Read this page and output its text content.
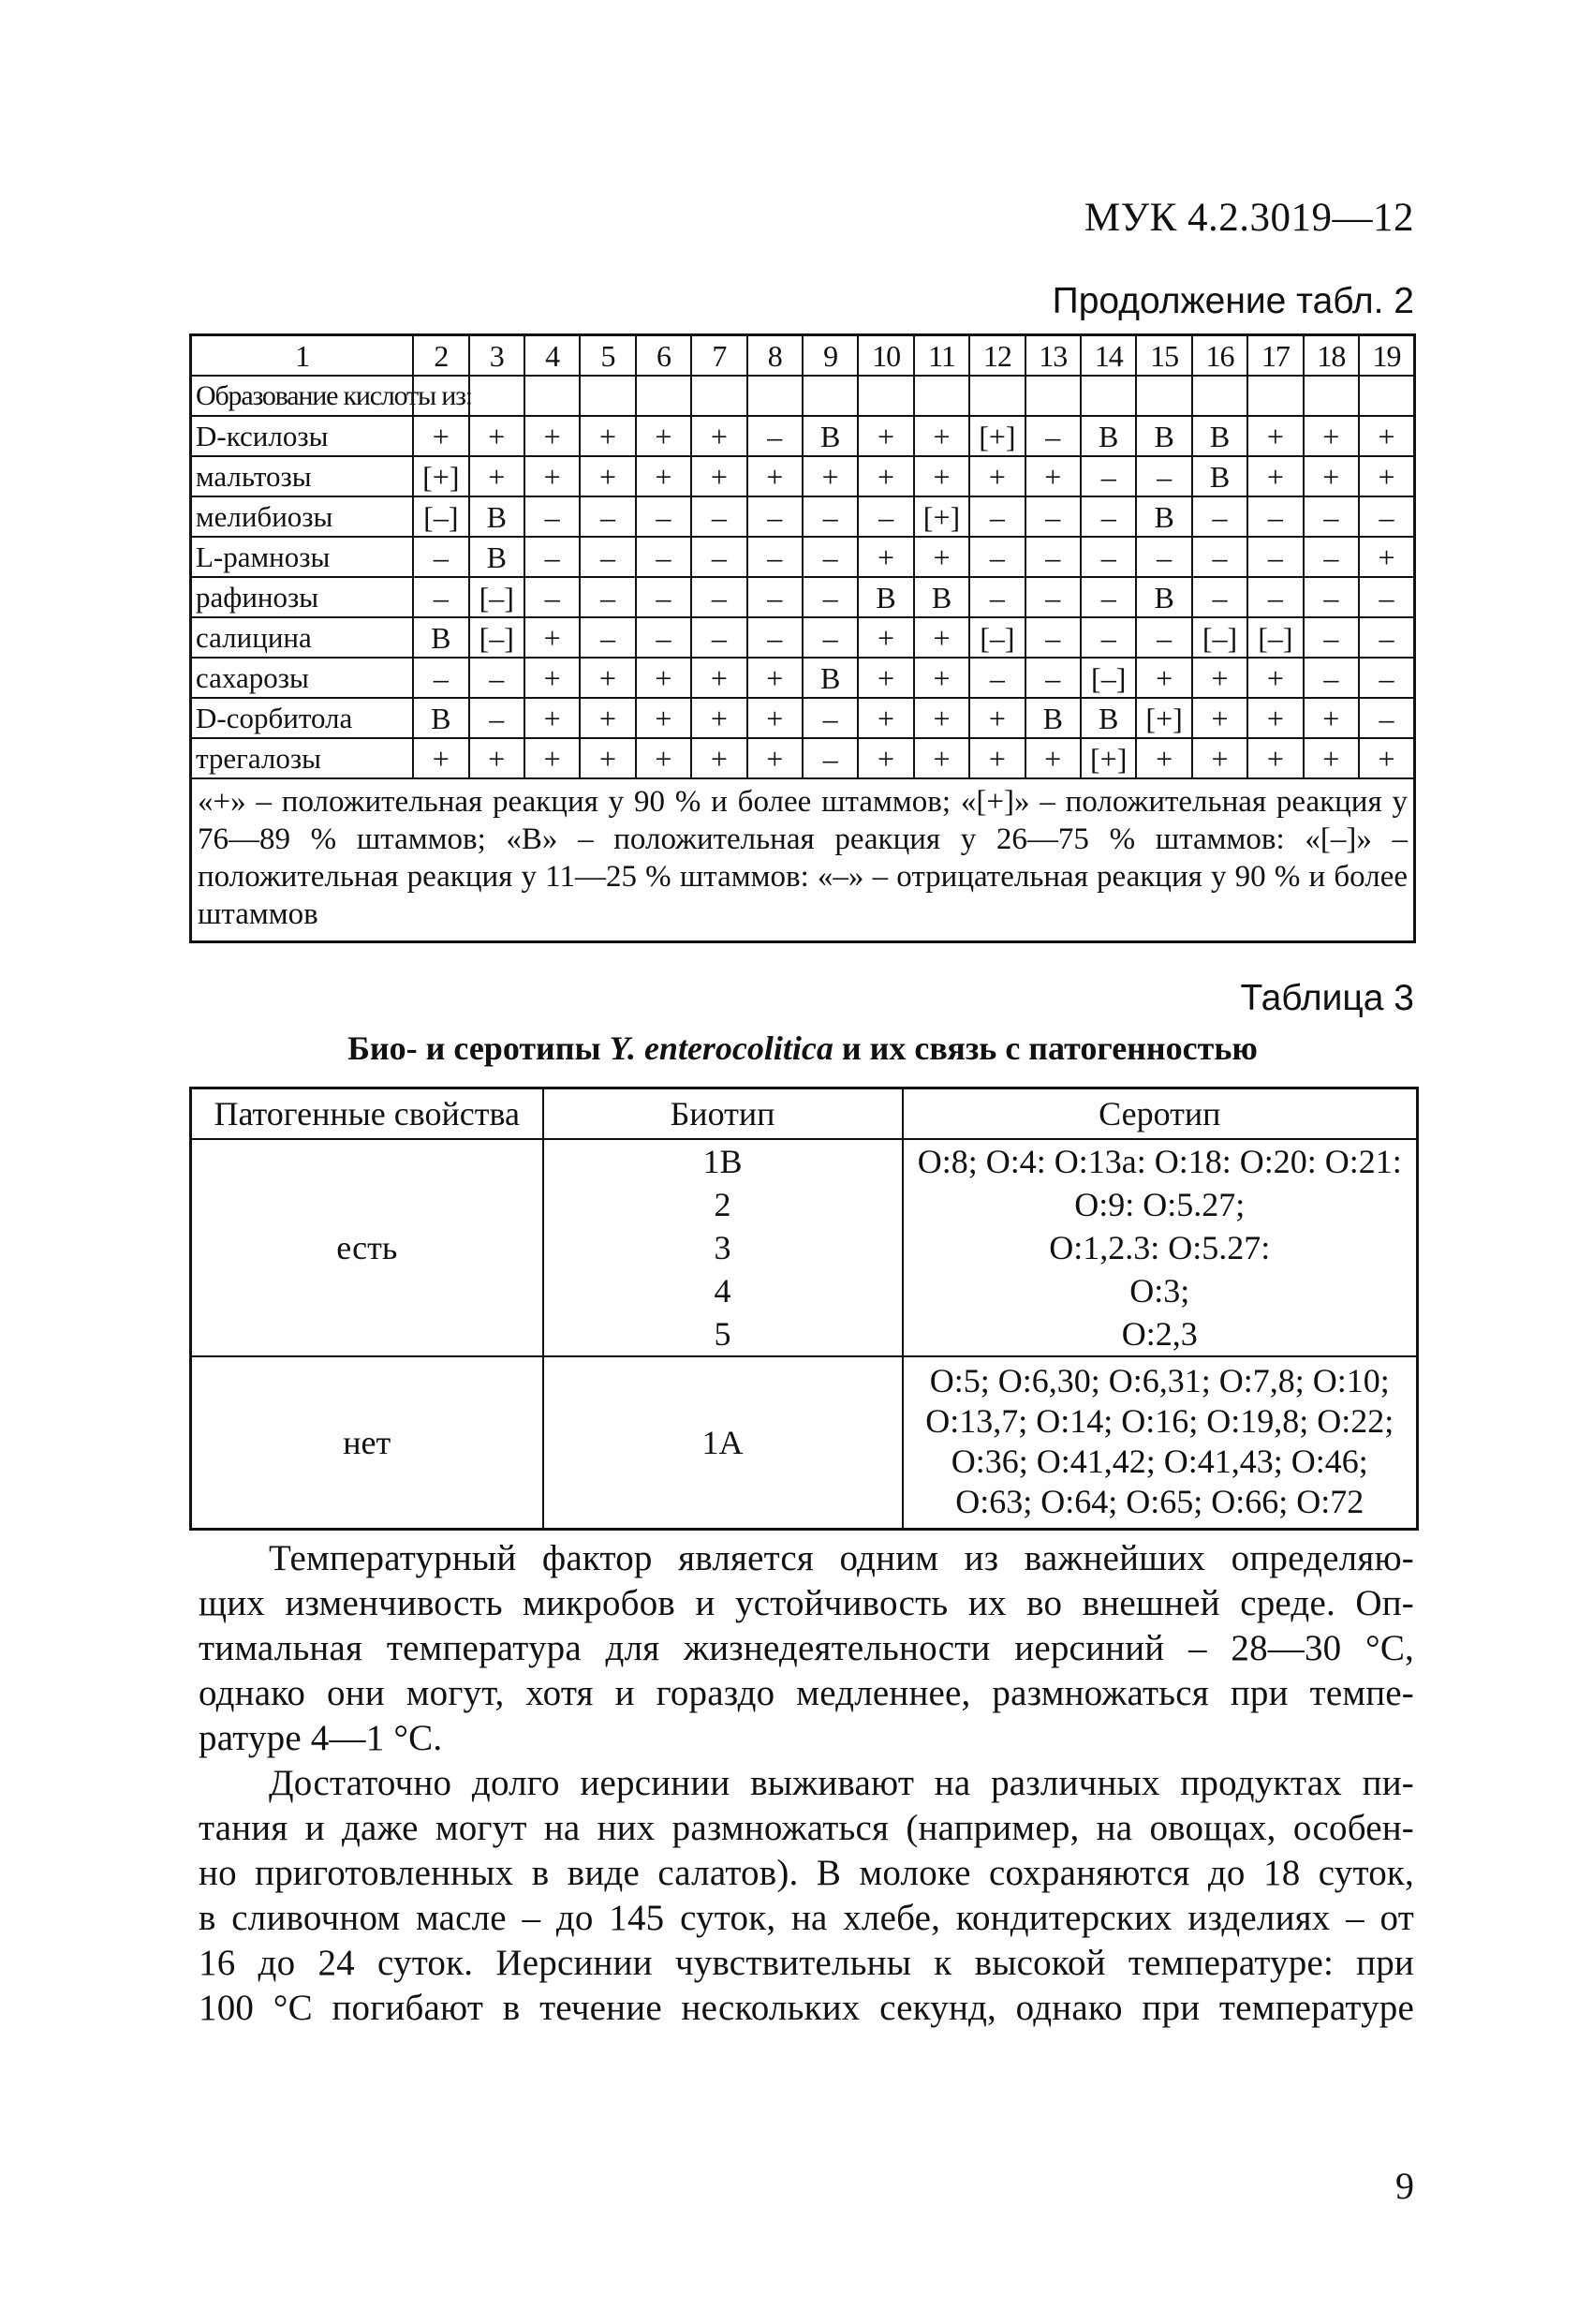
МУК 4.2.3019—12
Продолжение табл. 2
1	2	3	4	5	6	7	8	9	10	11	12	13	14	15	16	17	18	19
Образование кислоты из:																		
D-ксилозы	+	+	+	+	+	+	–	В	+	+	[+]	–	В	В	В	+	+	+
мальтозы	[+]	+	+	+	+	+	+	+	+	+	+	+	–	–	В	+	+	+
мелибиозы	[–]	В	–	–	–	–	–	–	–	[+]	–	–	–	В	–	–	–	–
L-рамнозы	–	В	–	–	–	–	–	–	+	+	–	–	–	–	–	–	–	+
рафинозы	–	[–]	–	–	–	–	–	–	В	В	–	–	–	В	–	–	–	–
салицина	В	[–]	+	–	–	–	–	–	+	+	[–]	–	–	–	[–]	[–]	–	–
сахарозы	–	–	+	+	+	+	+	В	+	+	–	–	[–]	+	+	+	–	–
D-сорбитола	В	–	+	+	+	+	+	–	+	+	+	В	В	[+]	+	+	+	–
трегалозы	+	+	+	+	+	+	+	–	+	+	+	+	[+]	+	+	+	+	+
«+» – положительная реакция у 90 % и более штаммов; «[+]» – положительная реакция у 76—89 % штаммов; «В» – положительная реакция у 26—75 % штаммов: «[–]» – положительная реакция у 11—25 % штаммов: «–» – отрицательная реакция у 90 % и более штаммов																		
Таблица 3
Био- и серотипы Y. enterocolitica и их связь с патогенностью
Патогенные свойства	Биотип	Серотип
есть	1B	O:8; O:4: O:13a: O:18: O:20: O:21:
	2	O:9: O:5.27;
	3	O:1,2.3: O:5.27:
	4	O:3;
	5	O:2,3
нет	1A	O:5; O:6,30; O:6,31; O:7,8; O:10;
O:13,7; O:14; O:16; O:19,8; O:22;
O:36; O:41,42; O:41,43; O:46;
O:63; O:64; O:65; O:66; O:72
Температурный фактор является одним из важнейших определяю-
щих изменчивость микробов и устойчивость их во внешней среде. Оп-
тимальная температура для жизнедеятельности иерсиний – 28—30 °С,
однако они могут, хотя и гораздо медленнее, размножаться при темпе-
ратуре 4—1 °С.
Достаточно долго иерсинии выживают на различных продуктах пи-
тания и даже могут на них размножаться (например, на овощах, особен-
но приготовленных в виде салатов). В молоке сохраняются до 18 суток,
в сливочном масле – до 145 суток, на хлебе, кондитерских изделиях – от
16 до 24 суток. Иерсинии чувствительны к высокой температуре: при
100 °С погибают в течение нескольких секунд, однако при температуре
9
